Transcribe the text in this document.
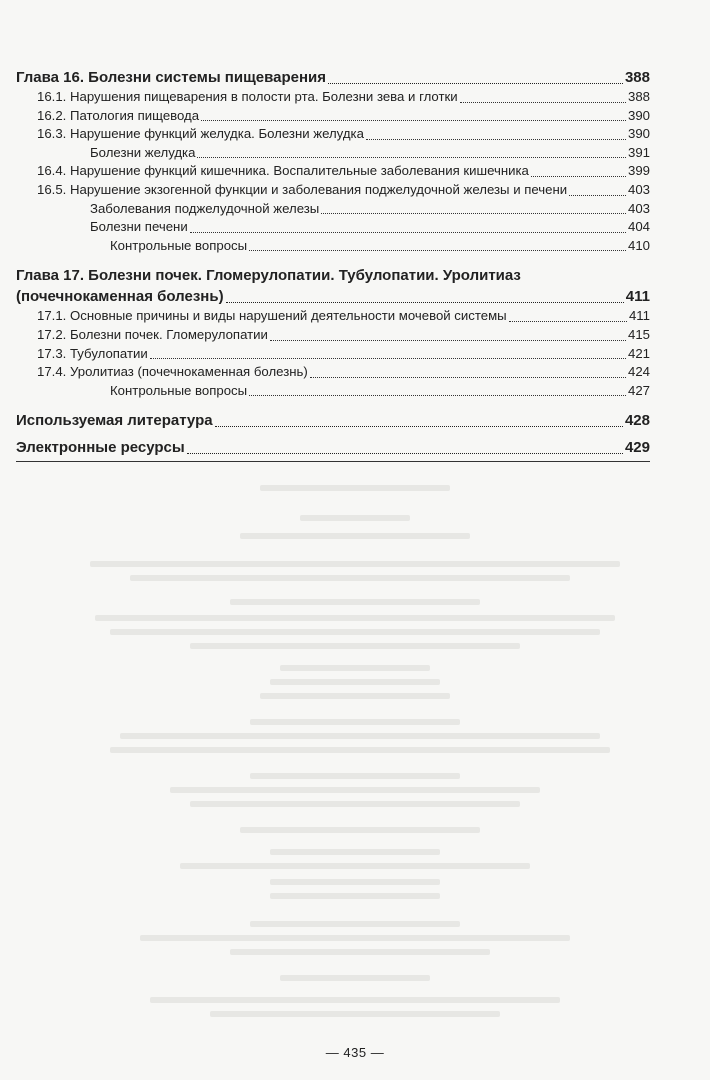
Глава 16. Болезни системы пищеварения	388
16.1. Нарушения пищеварения в полости рта. Болезни зева и глотки	388
16.2. Патология пищевода	390
16.3. Нарушение функций желудка. Болезни желудка	390
Болезни желудка	391
16.4. Нарушение функций кишечника. Воспалительные заболевания кишечника	399
16.5. Нарушение экзогенной функции и заболевания поджелудочной железы и печени	403
Заболевания поджелудочной железы	403
Болезни печени	404
Контрольные вопросы	410
Глава 17. Болезни почек. Гломерулопатии. Тубулопатии. Уролитиаз
(почечнокаменная болезнь)	411
17.1. Основные причины и виды нарушений деятельности мочевой системы	411
17.2. Болезни почек. Гломерулопатии	415
17.3. Тубулопатии	421
17.4. Уролитиаз (почечнокаменная болезнь)	424
Контрольные вопросы	427
Используемая литература	428
Электронные ресурсы	429
— 435 —
